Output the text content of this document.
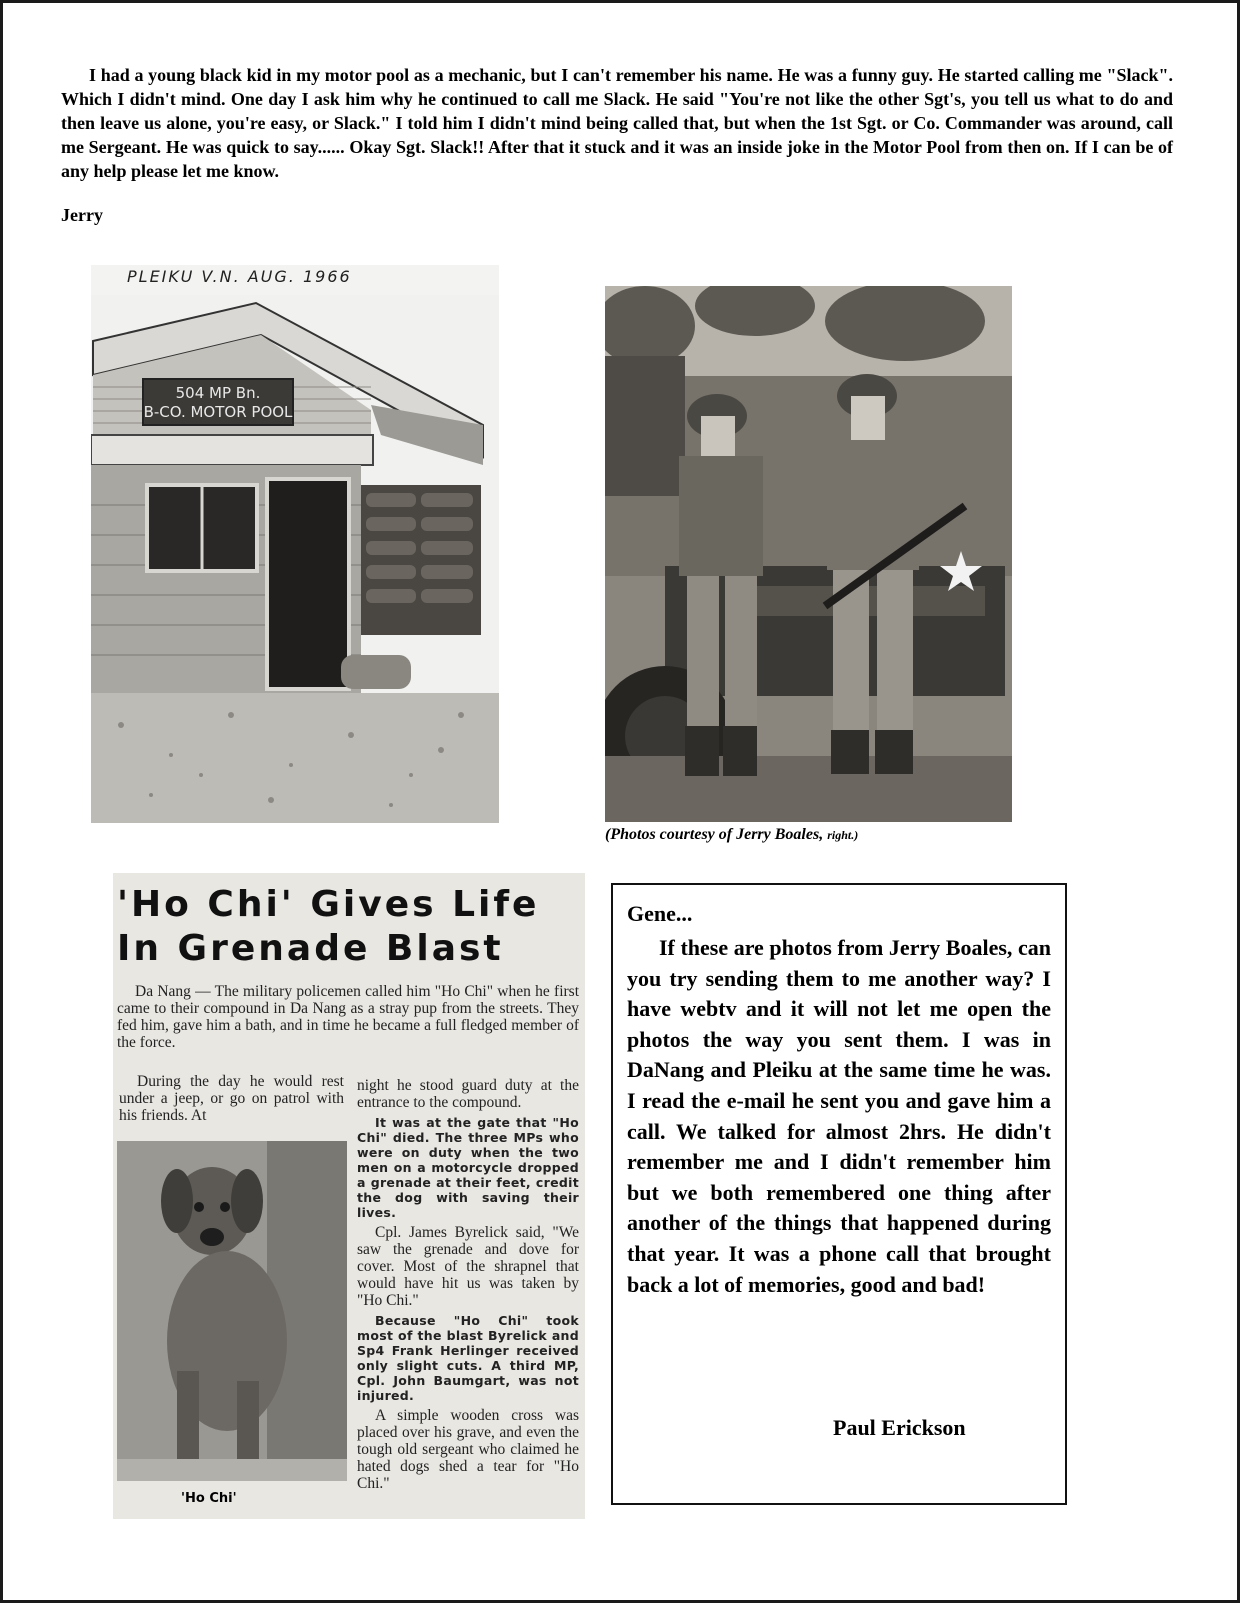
I had a young black kid in my motor pool as a mechanic, but I can't remember his name. He was a funny guy. He started calling me "Slack". Which I didn't mind. One day I ask him why he continued to call me Slack. He said "You're not like the other Sgt's, you tell us what to do and then leave us alone, you're easy, or Slack." I told him I didn't mind being called that, but when the 1st Sgt. or Co. Commander was around, call me Sergeant. He was quick to say...... Okay Sgt. Slack!! After that it stuck and it was an inside joke in the Motor Pool from then on. If I can be of any help please let me know.

Jerry

PLEIKU V.N. AUG. 1966
504 MP Bn.
B-CO. MOTOR POOL

(Photos courtesy of Jerry Boales, right.)

'Ho Chi' Gives Life In Grenade Blast

Da Nang — The military policemen called him "Ho Chi" when he first came to their compound in Da Nang as a stray pup from the streets. They fed him, gave him a bath, and in time he became a full fledged member of the force.

During the day he would rest under a jeep, or go on patrol with his friends. At

night he stood guard duty at the entrance to the compound.

It was at the gate that "Ho Chi" died. The three MPs who were on duty when the two men on a motorcycle dropped a grenade at their feet, credit the dog with saving their lives.

Cpl. James Byrelick said, "We saw the grenade and dove for cover. Most of the shrapnel that would have hit us was taken by "Ho Chi."

Because "Ho Chi" took most of the blast Byrelick and Sp4 Frank Herlinger received only slight cuts. A third MP, Cpl. John Baumgart, was not injured.

A simple wooden cross was placed over his grave, and even the tough old sergeant who claimed he hated dogs shed a tear for "Ho Chi."

'Ho Chi'

Gene...

If these are photos from Jerry Boales, can you try sending them to me another way? I have webtv and it will not let me open the photos the way you sent them. I was in DaNang and Pleiku at the same time he was. I read the e-mail he sent you and gave him a call. We talked for almost 2hrs. He didn't remember me and I didn't remember him but we both remembered one thing after another of the things that happened during that year. It was a phone call that brought back a lot of memories, good and bad!

Paul Erickson
